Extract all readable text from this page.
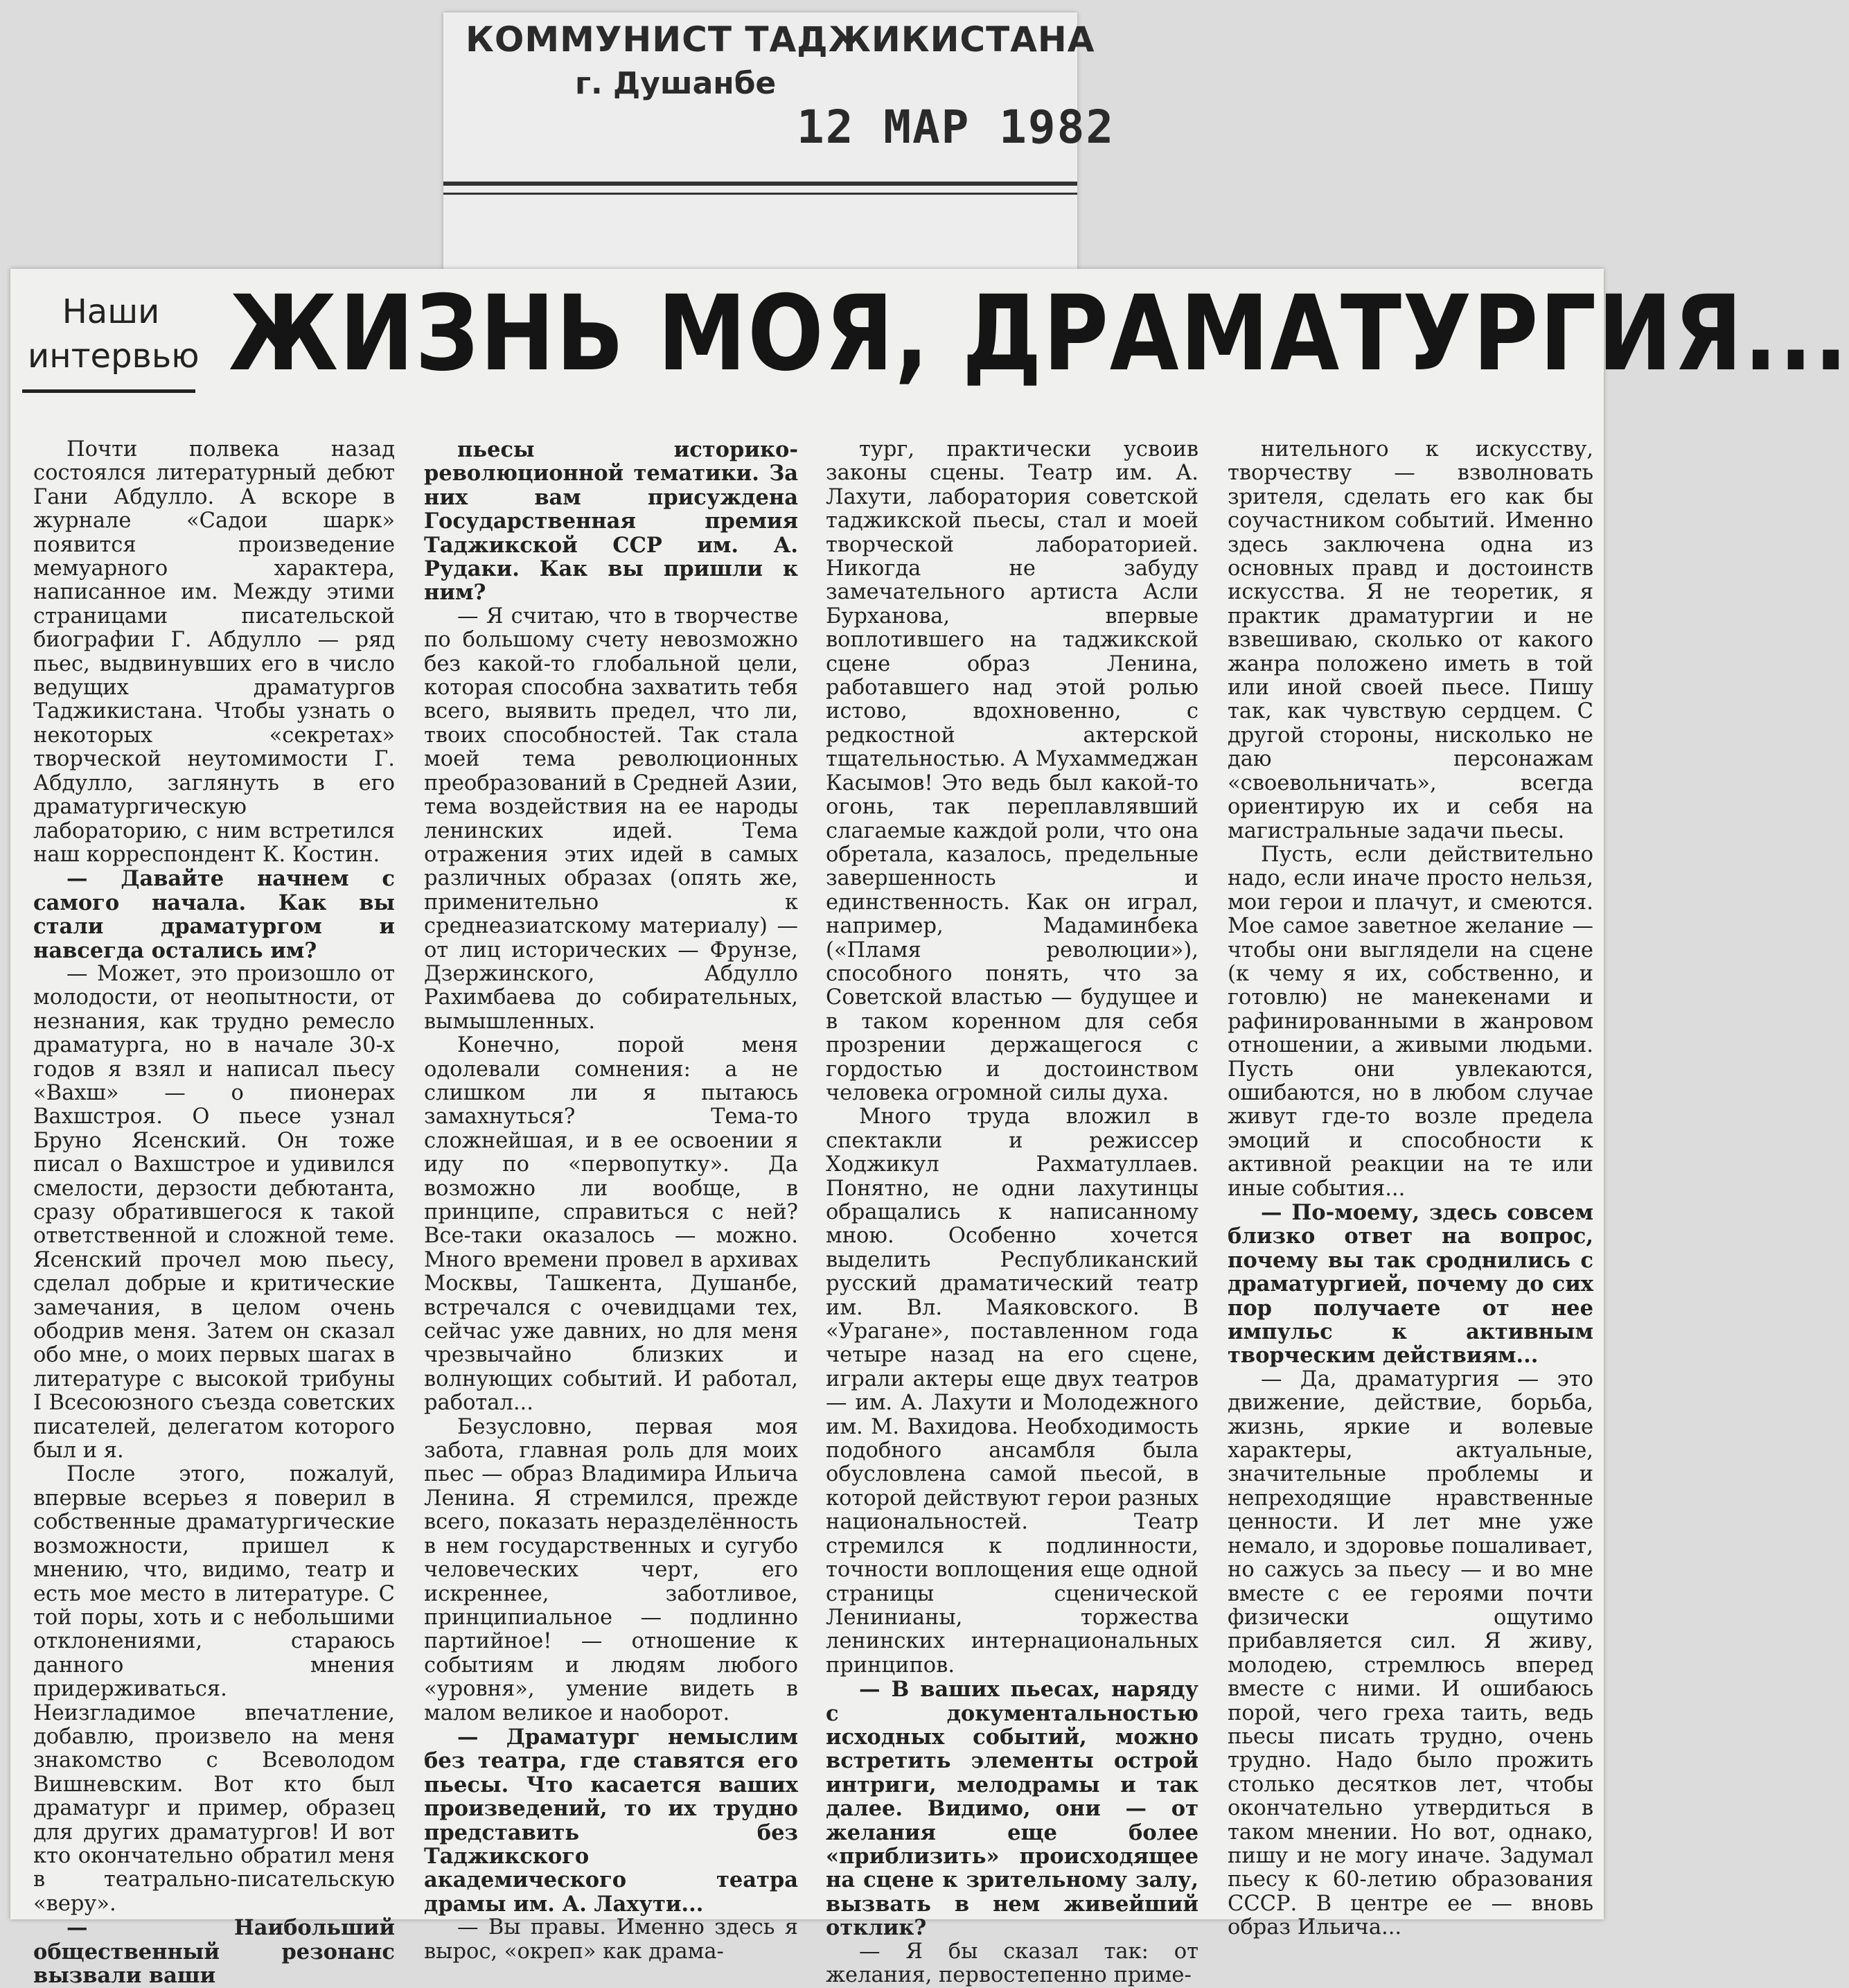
КОММУНИСТ ТАДЖИКИСТАНА
г. Душанбе
12 МАР 1982
Наши
интервью ЖИЗНЬ МОЯ, ДРАМАТУРГИЯ...

Почти полвека назад состоялся литературный дебют Гани Абдулло. А вскоре в журнале «Садои шарк» появится произведение мемуарного характера, написанное им. Между этими страницами писательской биографии Г. Абдулло — ряд пьес, выдвинувших его в число ведущих драматургов Таджикистана. Чтобы узнать о некоторых «секретах» творческой неутомимости Г. Абдулло, заглянуть в его драматургическую лабораторию, с ним встретился наш корреспондент К. Костин.

— Давайте начнем с самого начала. Как вы стали драматургом и навсегда остались им?

— Может, это произошло от молодости, от неопытности, от незнания, как трудно ремесло драматурга, но в начале 30-х годов я взял и написал пьесу «Вахш» — о пионерах Вахшстроя. О пьесе узнал Бруно Ясенский. Он тоже писал о Вахшстрое и удивился смелости, дерзости дебютанта, сразу обратившегося к такой ответственной и сложной теме. Ясенский прочел мою пьесу, сделал добрые и критические замечания, в целом очень ободрив меня. Затем он сказал обо мне, о моих первых шагах в литературе с высокой трибуны I Всесоюзного съезда советских писателей, делегатом которого был и я.

После этого, пожалуй, впервые всерьез я поверил в собственные драматургические возможности, пришел к мнению, что, видимо, театр и есть мое место в литературе. С той поры, хоть и с небольшими отклонениями, стараюсь данного мнения придерживаться. Неизгладимое впечатление, добавлю, произвело на меня знакомство с Всеволодом Вишневским. Вот кто был драматург и пример, образец для других драматургов! И вот кто окончательно обратил меня в театрально-писательскую «веру».

— Наибольший общественный резонанс вызвали ваши

пьесы историко-революционной тематики. За них вам присуждена Государственная премия Таджикской ССР им. А. Рудаки. Как вы пришли к ним?

— Я считаю, что в творчестве по большому счету невозможно без какой-то глобальной цели, которая способна захватить тебя всего, выявить предел, что ли, твоих способностей. Так стала моей тема революционных преобразований в Средней Азии, тема воздействия на ее народы ленинских идей. Тема отражения этих идей в самых различных образах (опять же, применительно к среднеазиатскому материалу) — от лиц исторических — Фрунзе, Дзержинского, Абдулло Рахимбаева до собирательных, вымышленных.

Конечно, порой меня одолевали сомнения: а не слишком ли я пытаюсь замахнуться? Тема-то сложнейшая, и в ее освоении я иду по «первопутку». Да возможно ли вообще, в принципе, справиться с ней? Все-таки оказалось — можно. Много времени провел в архивах Москвы, Ташкента, Душанбе, встречался с очевидцами тех, сейчас уже давних, но для меня чрезвычайно близких и волнующих событий. И работал, работал...

Безусловно, первая моя забота, главная роль для моих пьес — образ Владимира Ильича Ленина. Я стремился, прежде всего, показать неразделённость в нем государственных и сугубо человеческих черт, его искреннее, заботливое, принципиальное — подлинно партийное! — отношение к событиям и людям любого «уровня», умение видеть в малом великое и наоборот.

— Драматург немыслим без театра, где ставятся его пьесы. Что касается ваших произведений, то их трудно представить без Таджикского академического театра драмы им. А. Лахути...

— Вы правы. Именно здесь я вырос, «окреп» как драма-

тург, практически усвоив законы сцены. Театр им. А. Лахути, лаборатория советской таджикской пьесы, стал и моей творческой лабораторией. Никогда не забуду замечательного артиста Асли Бурханова, впервые воплотившего на таджикской сцене образ Ленина, работавшего над этой ролью истово, вдохновенно, с редкостной актерской тщательностью. А Мухаммеджан Касымов! Это ведь был какой-то огонь, так переплавлявший слагаемые каждой роли, что она обретала, казалось, предельные завершенность и единственность. Как он играл, например, Мадаминбека («Пламя революции»), способного понять, что за Советской властью — будущее и в таком коренном для себя прозрении держащегося с гордостью и достоинством человека огромной силы духа.

Много труда вложил в спектакли и режиссер Ходжикул Рахматуллаев. Понятно, не одни лахутинцы обращались к написанному мною. Особенно хочется выделить Республиканский русский драматический театр им. Вл. Маяковского. В «Урагане», поставленном года четыре назад на его сцене, играли актеры еще двух театров — им. А. Лахути и Молодежного им. М. Вахидова. Необходимость подобного ансамбля была обусловлена самой пьесой, в которой действуют герои разных национальностей. Театр стремился к подлинности, точности воплощения еще одной страницы сценической Ленинианы, торжества ленинских интернациональных принципов.

— В ваших пьесах, наряду с документальностью исходных событий, можно встретить элементы острой интриги, мелодрамы и так далее. Видимо, они — от желания еще более «приблизить» происходящее на сцене к зрительному залу, вызвать в нем живейший отклик?

— Я бы сказал так: от желания, первостепенно приме-

нительного к искусству, творчеству — взволновать зрителя, сделать его как бы соучастником событий. Именно здесь заключена одна из основных правд и достоинств искусства. Я не теоретик, я практик драматургии и не взвешиваю, сколько от какого жанра положено иметь в той или иной своей пьесе. Пишу так, как чувствую сердцем. С другой стороны, нисколько не даю персонажам «своевольничать», всегда ориентирую их и себя на магистральные задачи пьесы.

Пусть, если действительно надо, если иначе просто нельзя, мои герои и плачут, и смеются. Мое самое заветное желание — чтобы они выглядели на сцене (к чему я их, собственно, и готовлю) не манекенами и рафинированными в жанровом отношении, а живыми людьми. Пусть они увлекаются, ошибаются, но в любом случае живут где-то возле предела эмоций и способности к активной реакции на те или иные события...

— По-моему, здесь совсем близко ответ на вопрос, почему вы так сроднились с драматургией, почему до сих пор получаете от нее импульс к активным творческим действиям...

— Да, драматургия — это движение, действие, борьба, жизнь, яркие и волевые характеры, актуальные, значительные проблемы и непреходящие нравственные ценности. И лет мне уже немало, и здоровье пошаливает, но сажусь за пьесу — и во мне вместе с ее героями почти физически ощутимо прибавляется сил. Я живу, молодею, стремлюсь вперед вместе с ними. И ошибаюсь порой, чего греха таить, ведь пьесы писать трудно, очень трудно. Надо было прожить столько десятков лет, чтобы окончательно утвердиться в таком мнении. Но вот, однако, пишу и не могу иначе. Задумал пьесу к 60-летию образования СССР. В центре ее — вновь образ Ильича...
